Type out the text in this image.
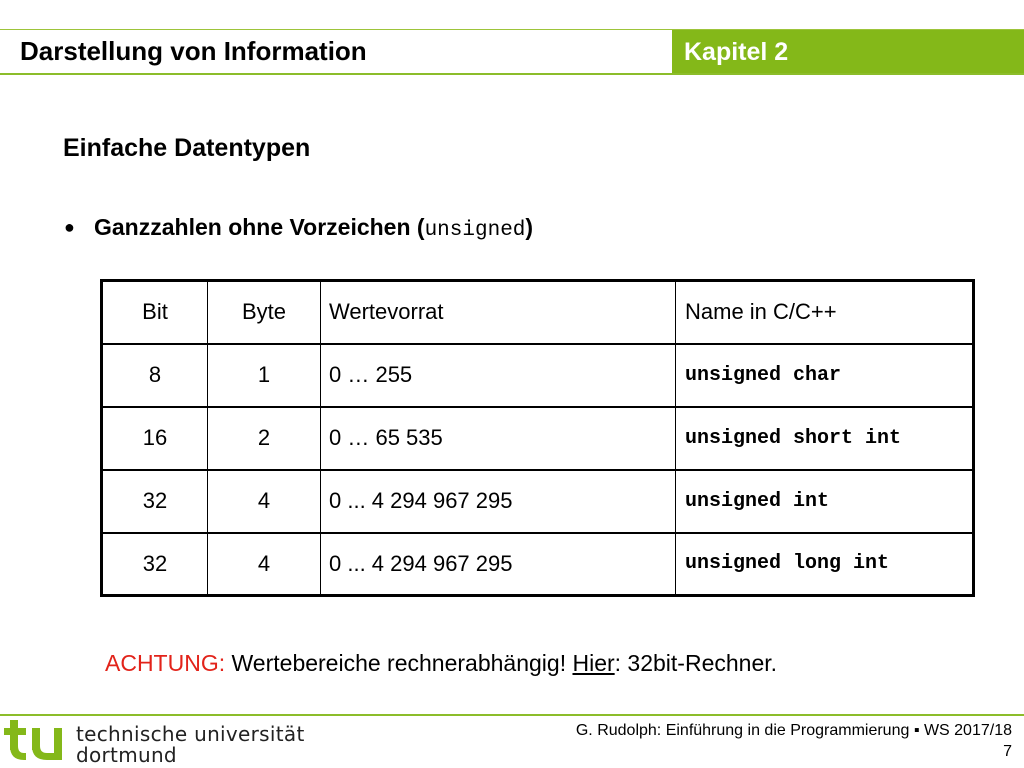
Darstellung von Information	Kapitel 2
Einfache Datentypen
● Ganzzahlen ohne Vorzeichen (unsigned)
Bit	Byte	Wertevorrat	Name in C/C++
8	1	0 … 255	unsigned char
16	2	0 … 65 535	unsigned short int
32	4	0 ... 4 294 967 295	unsigned int
32	4	0 ... 4 294 967 295	unsigned long int
ACHTUNG: Wertebereiche rechnerabhängig! Hier: 32bit-Rechner.
technische universität
dortmund
G. Rudolph: Einführung in die Programmierung ▪ WS 2017/18
7
